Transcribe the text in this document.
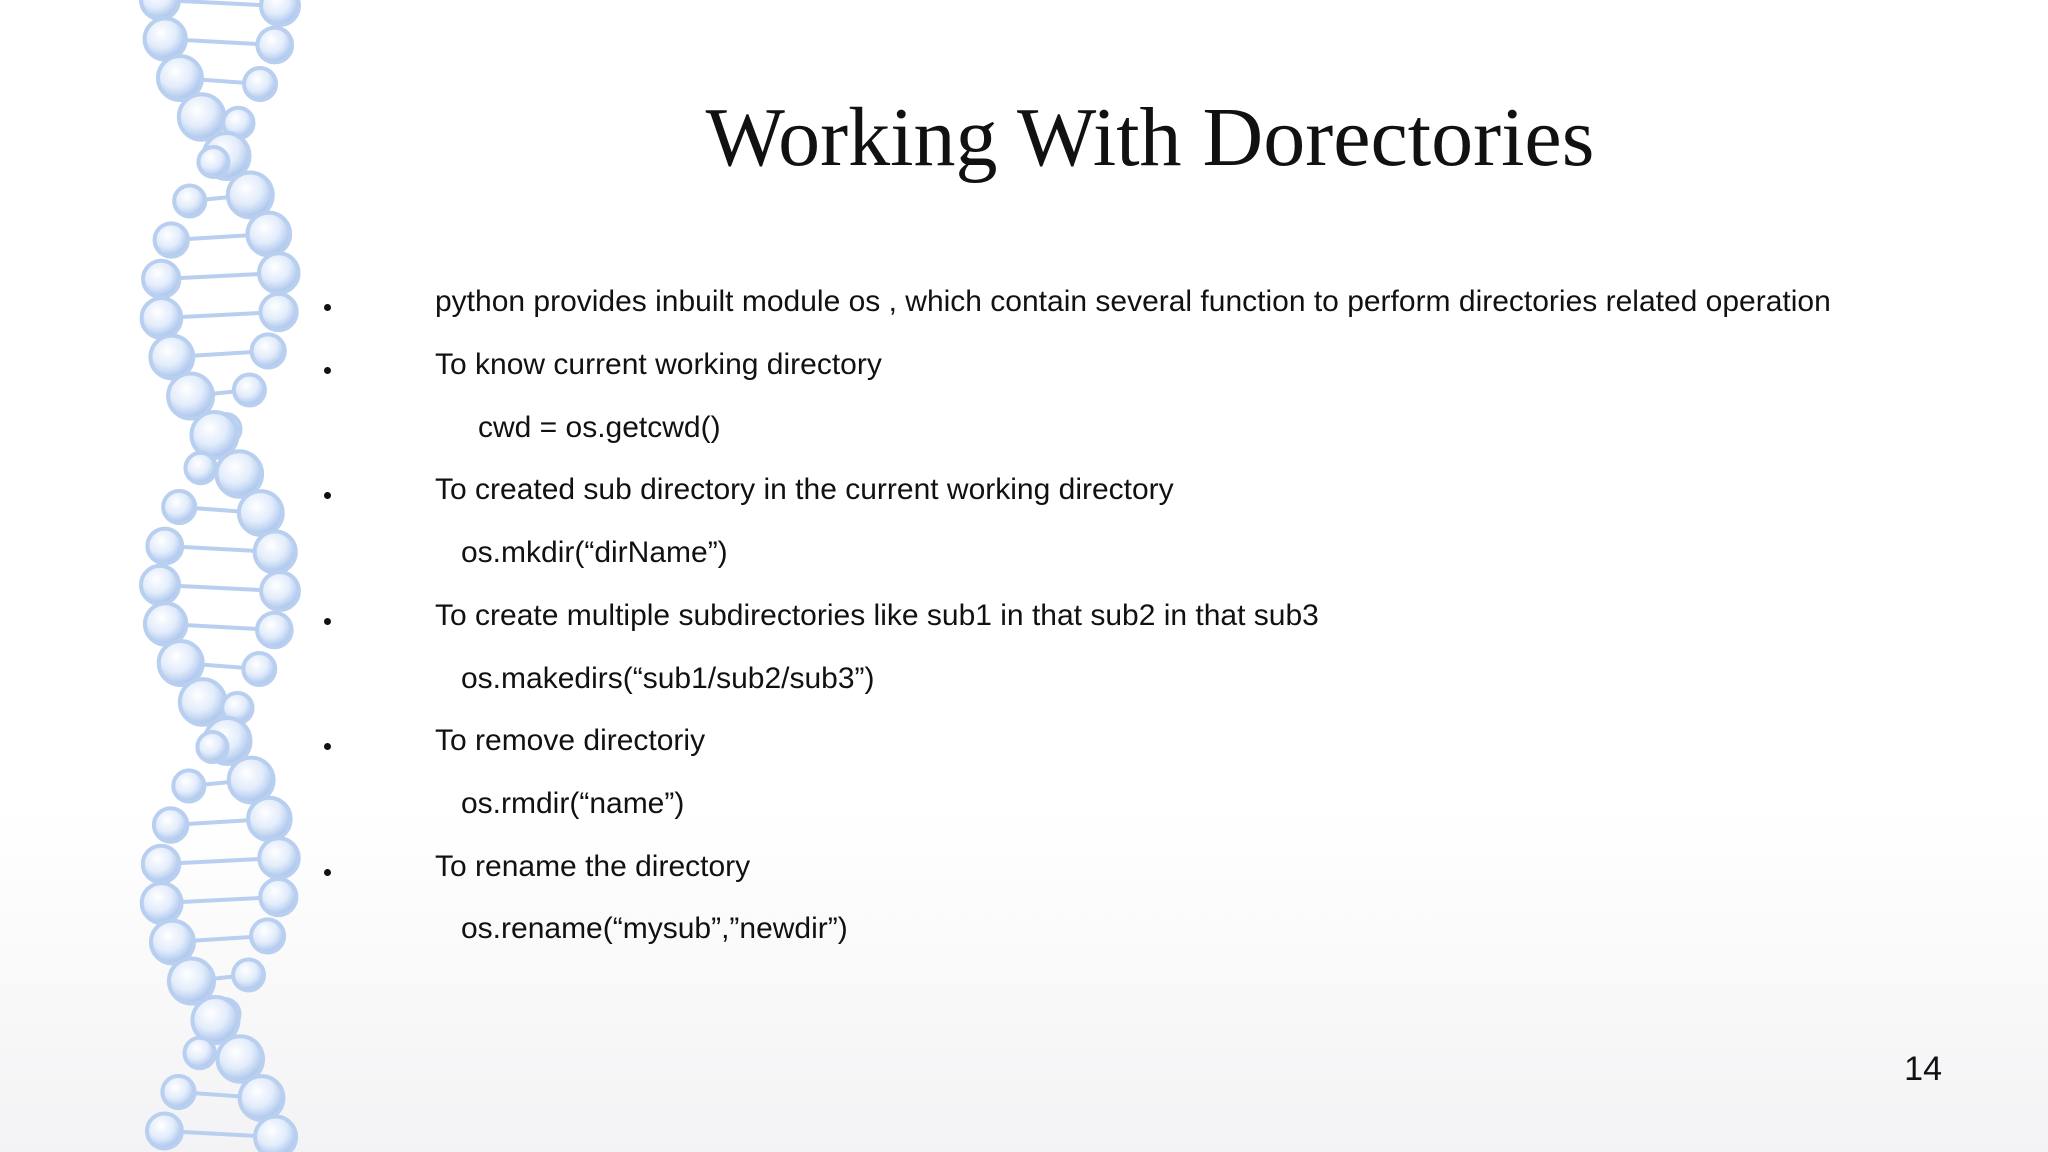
Working With Dorectories
python provides inbuilt module os , which contain several function to perform directories related operation
To know current working directory
cwd = os.getcwd()
To created sub directory in the current working directory
os.mkdir(“dirName”)
To create multiple subdirectories like sub1 in that sub2 in that sub3
os.makedirs(“sub1/sub2/sub3”)
To remove directoriy
os.rmdir(“name”)
To rename the directory
os.rename(“mysub”,”newdir”)
14
